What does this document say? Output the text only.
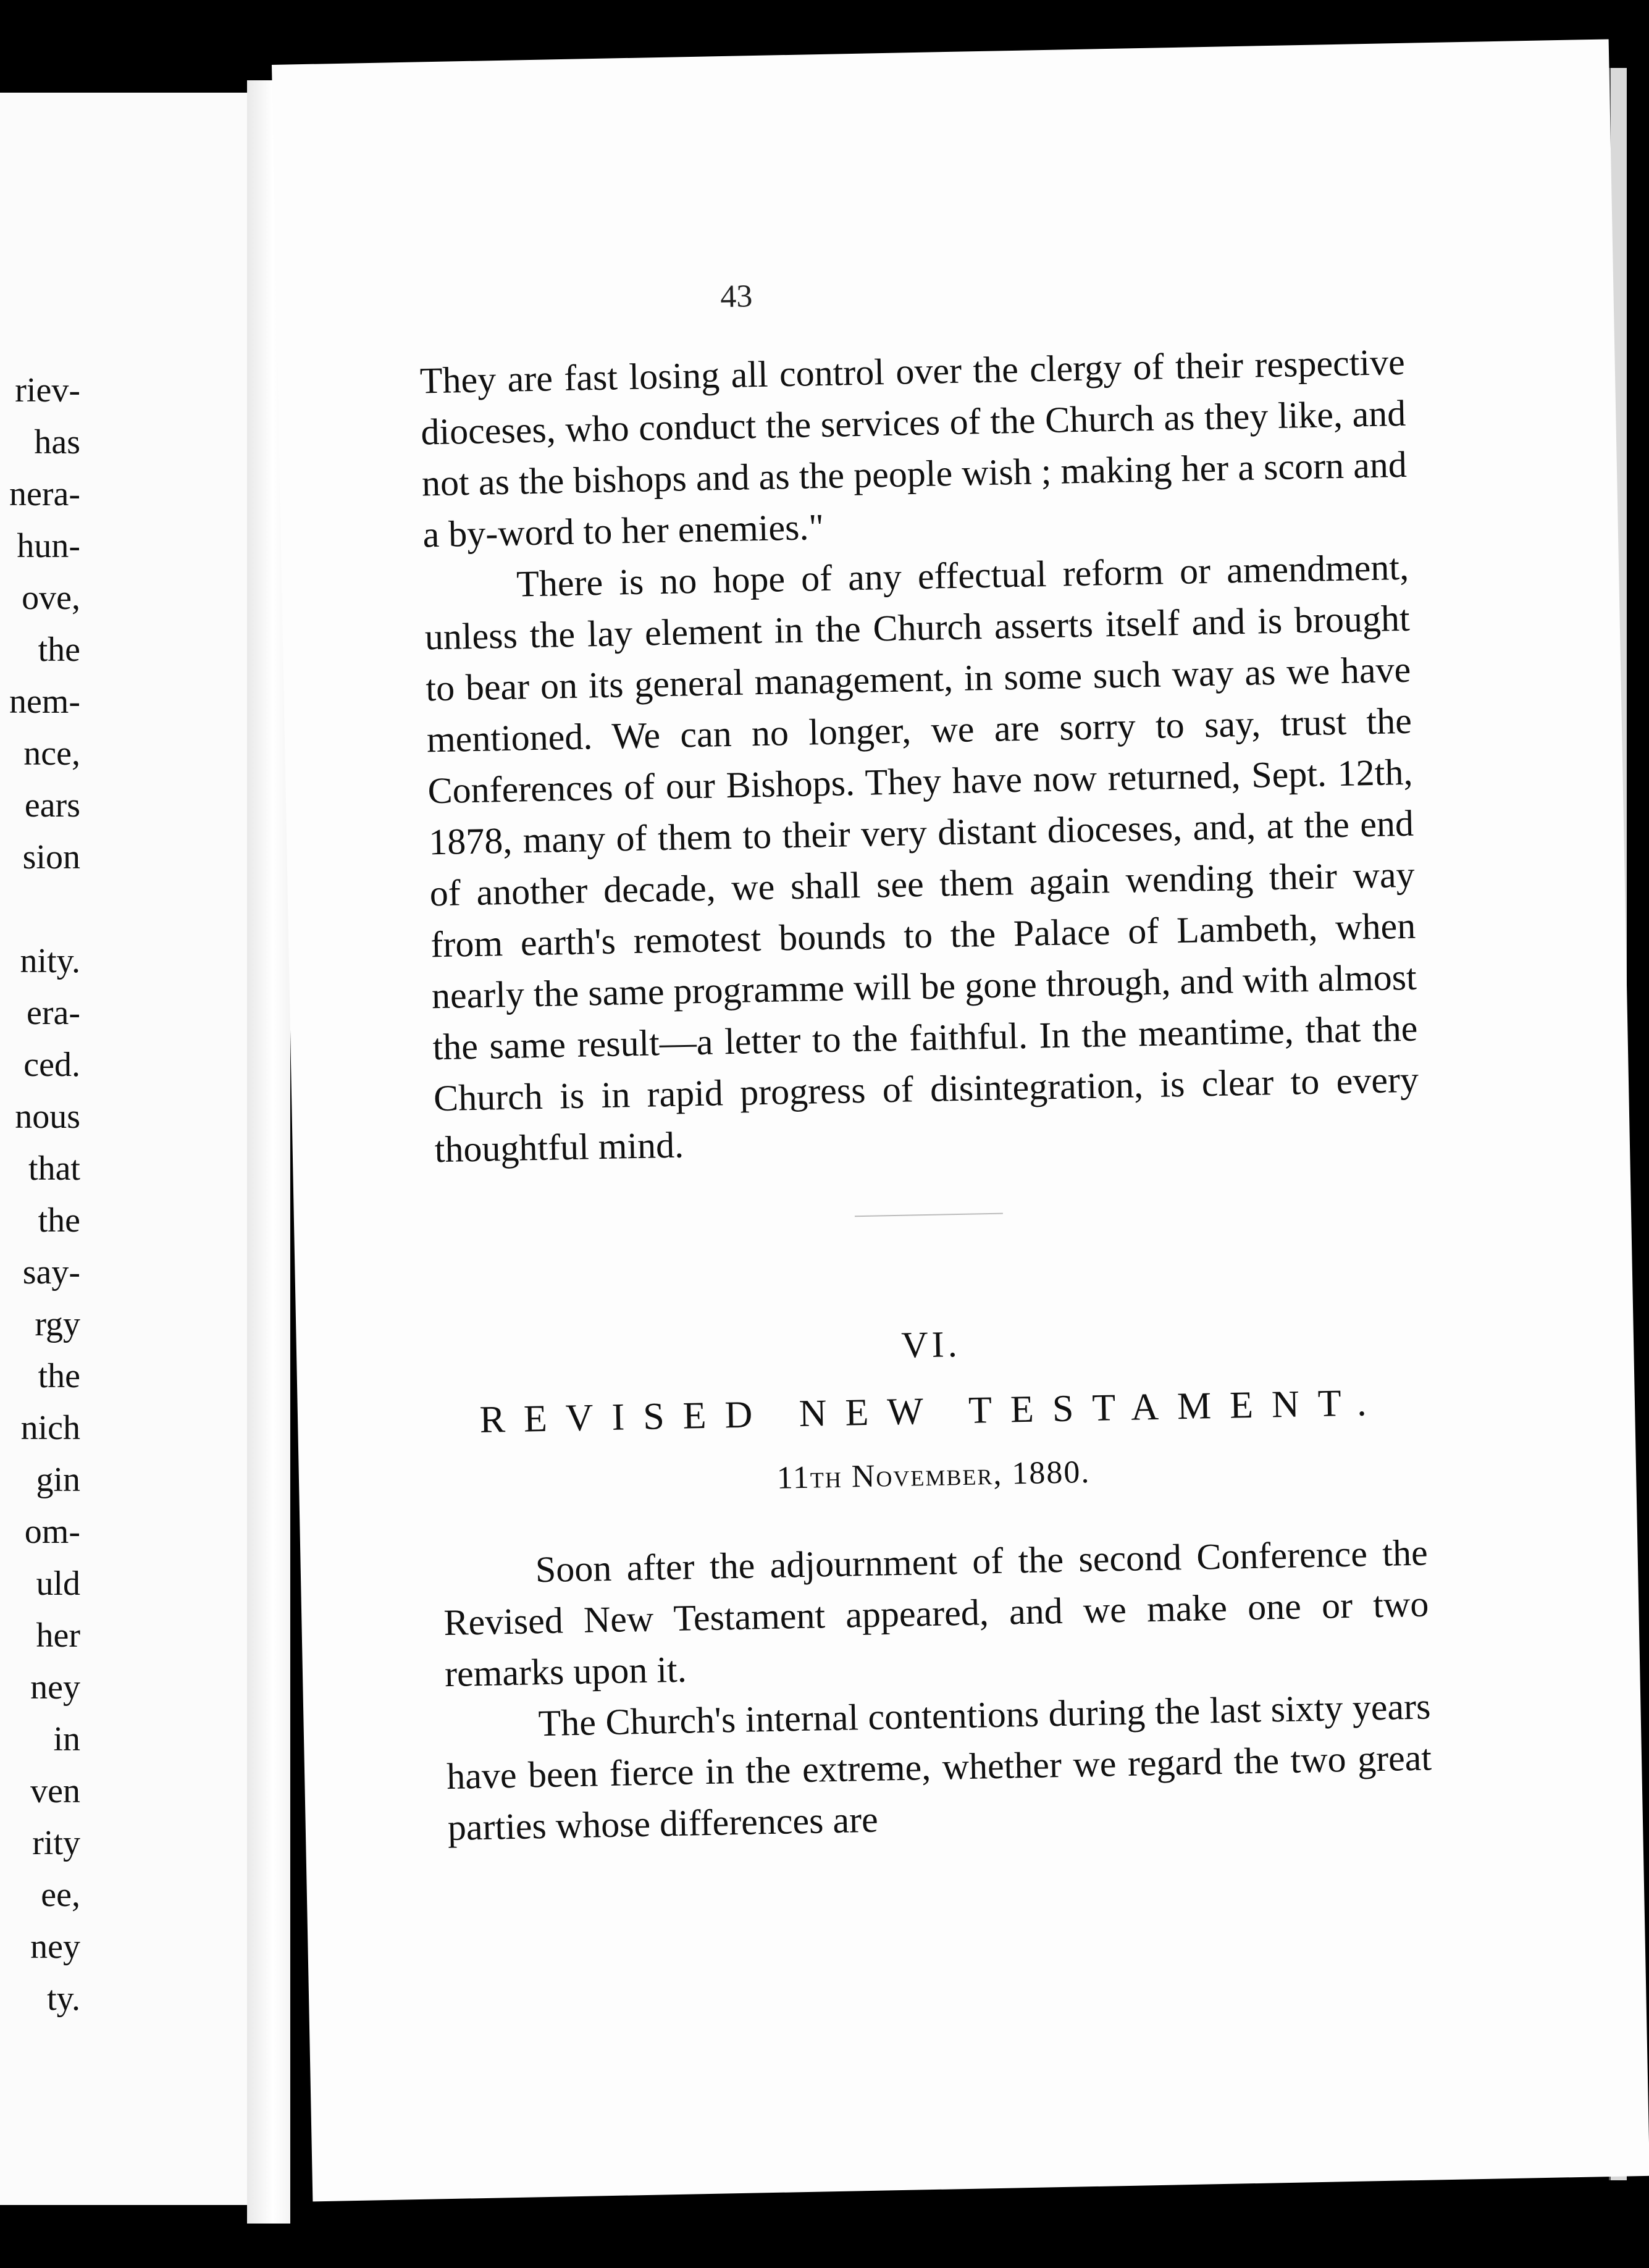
riev-
has
nera-
hun-
ove,
the
nem-
nce,
ears
sion
nity.
era-
ced.
nous
that
the
say-
rgy
the
nich
gin
om-
uld
her
ney
in
ven
rity
ee,
ney
ty.
43

They are fast losing all control over the clergy of their respective dioceses, who conduct the services of the Church as they like, and not as the bishops and as the people wish ; making her a scorn and a by-word to her enemies."

There is no hope of any effectual reform or amendment, unless the lay element in the Church asserts itself and is brought to bear on its general management, in some such way as we have mentioned. We can no longer, we are sorry to say, trust the Conferences of our Bishops. They have now returned, Sept. 12th, 1878, many of them to their very distant dioceses, and, at the end of another decade, we shall see them again wending their way from earth's remotest bounds to the Palace of Lambeth, when nearly the same programme will be gone through, and with almost the same result—a letter to the faithful. In the meantime, that the Church is in rapid progress of disintegration, is clear to every thoughtful mind.

VI.
REVISED NEW TESTAMENT.
11th November, 1880.

Soon after the adjournment of the second Conference the Revised New Testament appeared, and we make one or two remarks upon it.

The Church's internal contentions during the last sixty years have been fierce in the extreme, whether we regard the two great parties whose differences are
